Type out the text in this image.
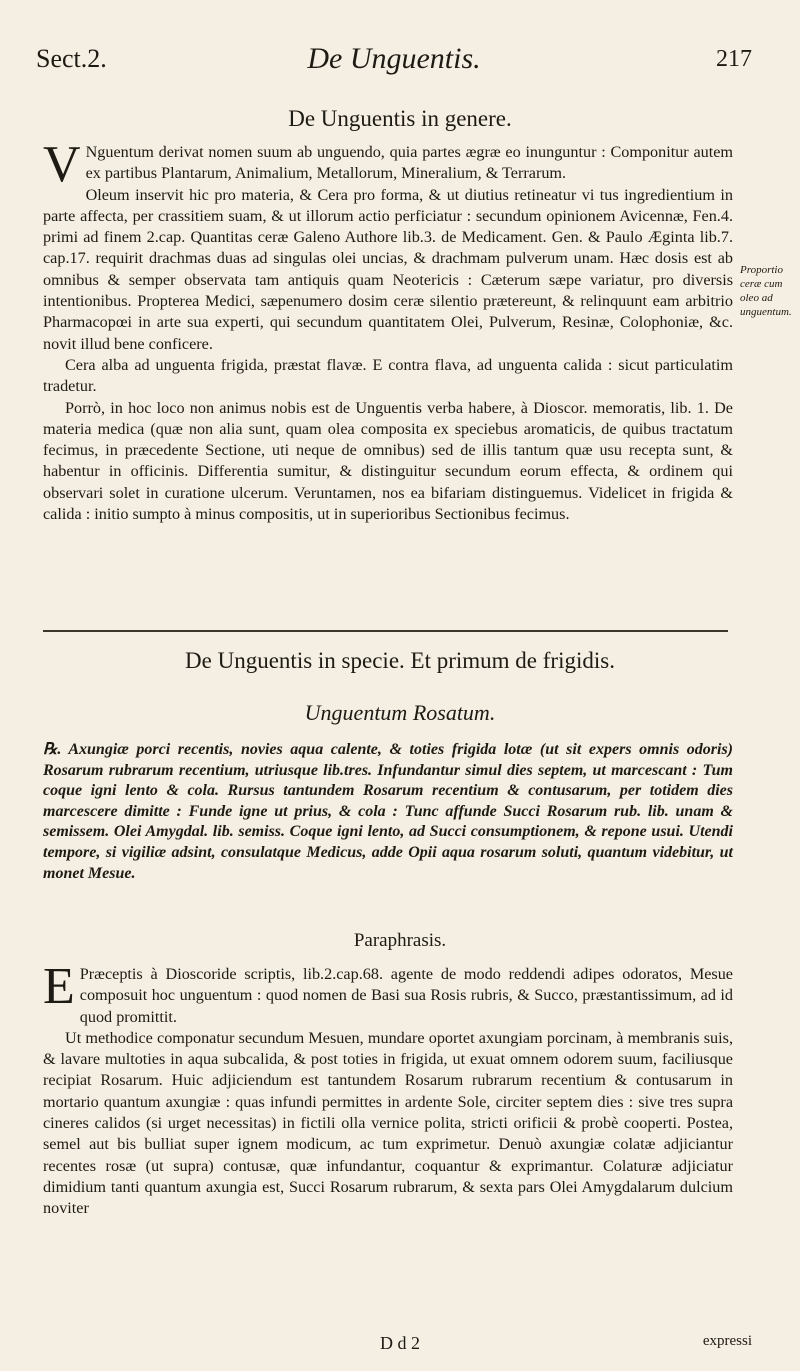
Sect.2.	De Unguentis.	217
De Unguentis in genere.

V Nguentum derivat nomen suum ab unguendo, quia partes ægræ eo inunguntur : Componitur autem ex partibus Plantarum, Animalium, Metallorum, Mineralium, & Terrarum.

Oleum inservit hic pro materia, & Cera pro forma, & ut diutius retineatur vi tus ingredientium in parte affecta, per crassitiem suam, & ut illorum actio perficiatur : secundum opinionem Avicennæ, Fen.4. primi ad finem 2.cap. Quantitas ceræ Galeno Authore lib.3. de Medicament. Gen. & Paulo Æginta lib.7. cap.17. requirit drachmas duas ad singulas olei uncias, & drachmam pulverum unam. Hæc dosis est ab omnibus & semper observata tam antiquis quam Neotericis : Cæterum sæpe variatur, pro diversis intentionibus. Propterea Medici, sæpenumero dosim ceræ silentio prætereunt, & relinquunt eam arbitrio Pharmacopœi in arte sua experti, qui secundum quantitatem Olei, Pulverum, Resinæ, Colophoniæ, &c. novit illud bene conficere.

Cera alba ad unguenta frigida, præstat flavæ. E contra flava, ad unguenta calida : sicut particulatim tradetur.

Porrò, in hoc loco non animus nobis est de Unguentis verba habere, à Dioscor. memoratis, lib. 1. De materia medica (quæ non alia sunt, quam olea composita ex speciebus aromaticis, de quibus tractatum fecimus, in præcedente Sectione, uti neque de omnibus) sed de illis tantum quæ usu recepta sunt, & habentur in officinis. Differentia sumitur, & distinguitur secundum eorum effecta, & ordinem qui observari solet in curatione ulcerum. Veruntamen, nos ea bifariam distinguemus. Videlicet in frigida & calida : initio sumpto à minus compositis, ut in superioribus Sectionibus fecimus.

Proportio ceræ cum oleo ad unguentum.
De Unguentis in specie. Et primum de frigidis.
Unguentum Rosatum.

℞. Axungiæ porci recentis, novies aqua calente, & toties frigida lotæ (ut sit expers omnis odoris) Rosarum rubrarum recentium, utriusque lib.tres. Infundantur simul dies septem, ut marcescant : Tum coque igni lento & cola. Rursus tantundem Rosarum recentium & contusarum, per totidem dies marcescere dimitte : Funde igne ut prius, & cola : Tunc affunde Succi Rosarum rub. lib. unam & semissem. Olei Amygdal. lib. semiss. Coque igni lento, ad Succi consumptionem, & repone usui. Utendi tempore, si vigiliæ adsint, consulatque Medicus, adde Opii aqua rosarum soluti, quantum videbitur, ut monet Mesue.

Paraphrasis.

E Præceptis à Dioscoride scriptis, lib.2.cap.68. agente de modo reddendi adipes odoratos, Mesue composuit hoc unguentum : quod nomen de Basi sua Rosis rubris, & Succo, præstantissimum, ad id quod promittit.

Ut methodice componatur secundum Mesuen, mundare oportet axungiam porcinam, à membranis suis, & lavare multoties in aqua subcalida, & post toties in frigida, ut exuat omnem odorem suum, faciliusque recipiat Rosarum. Huic adjiciendum est tantundem Rosarum rubrarum recentium & contusarum in mortario quantum axungiæ : quas infundi permittes in ardente Sole, circiter septem dies : sive tres supra cineres calidos (si urget necessitas) in fictili olla vernice polita, stricti orificii & probè cooperti. Postea, semel aut bis bulliat super ignem modicum, ac tum exprimetur. Denuò axungiæ colatæ adjiciantur recentes rosæ (ut supra) contusæ, quæ infundantur, coquantur & exprimantur. Colaturæ adjiciatur dimidium tanti quantum axungia est, Succi Rosarum rubrarum, & sexta pars Olei Amygdalarum dulcium noviter

D d 2	expressi
